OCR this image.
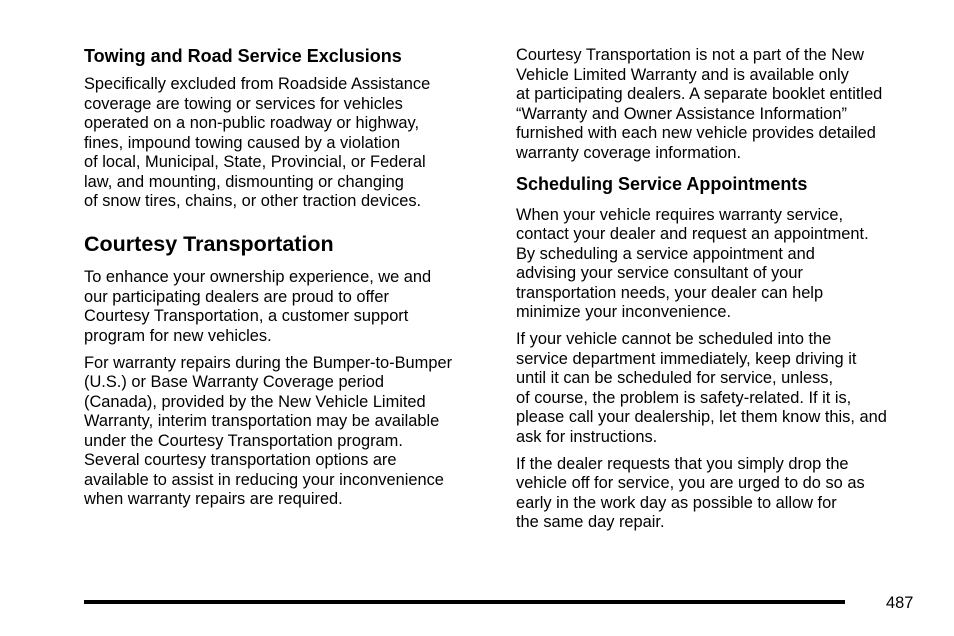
Towing and Road Service Exclusions
Specifically excluded from Roadside Assistance
coverage are towing or services for vehicles
operated on a non-public roadway or highway,
fines, impound towing caused by a violation
of local, Municipal, State, Provincial, or Federal
law, and mounting, dismounting or changing
of snow tires, chains, or other traction devices.
Courtesy Transportation
To enhance your ownership experience, we and
our participating dealers are proud to offer
Courtesy Transportation, a customer support
program for new vehicles.
For warranty repairs during the Bumper-to-Bumper
(U.S.) or Base Warranty Coverage period
(Canada), provided by the New Vehicle Limited
Warranty, interim transportation may be available
under the Courtesy Transportation program.
Several courtesy transportation options are
available to assist in reducing your inconvenience
when warranty repairs are required.
Courtesy Transportation is not a part of the New
Vehicle Limited Warranty and is available only
at participating dealers. A separate booklet entitled
“Warranty and Owner Assistance Information”
furnished with each new vehicle provides detailed
warranty coverage information.
Scheduling Service Appointments
When your vehicle requires warranty service,
contact your dealer and request an appointment.
By scheduling a service appointment and
advising your service consultant of your
transportation needs, your dealer can help
minimize your inconvenience.
If your vehicle cannot be scheduled into the
service department immediately, keep driving it
until it can be scheduled for service, unless,
of course, the problem is safety-related. If it is,
please call your dealership, let them know this, and
ask for instructions.
If the dealer requests that you simply drop the
vehicle off for service, you are urged to do so as
early in the work day as possible to allow for
the same day repair.
487
